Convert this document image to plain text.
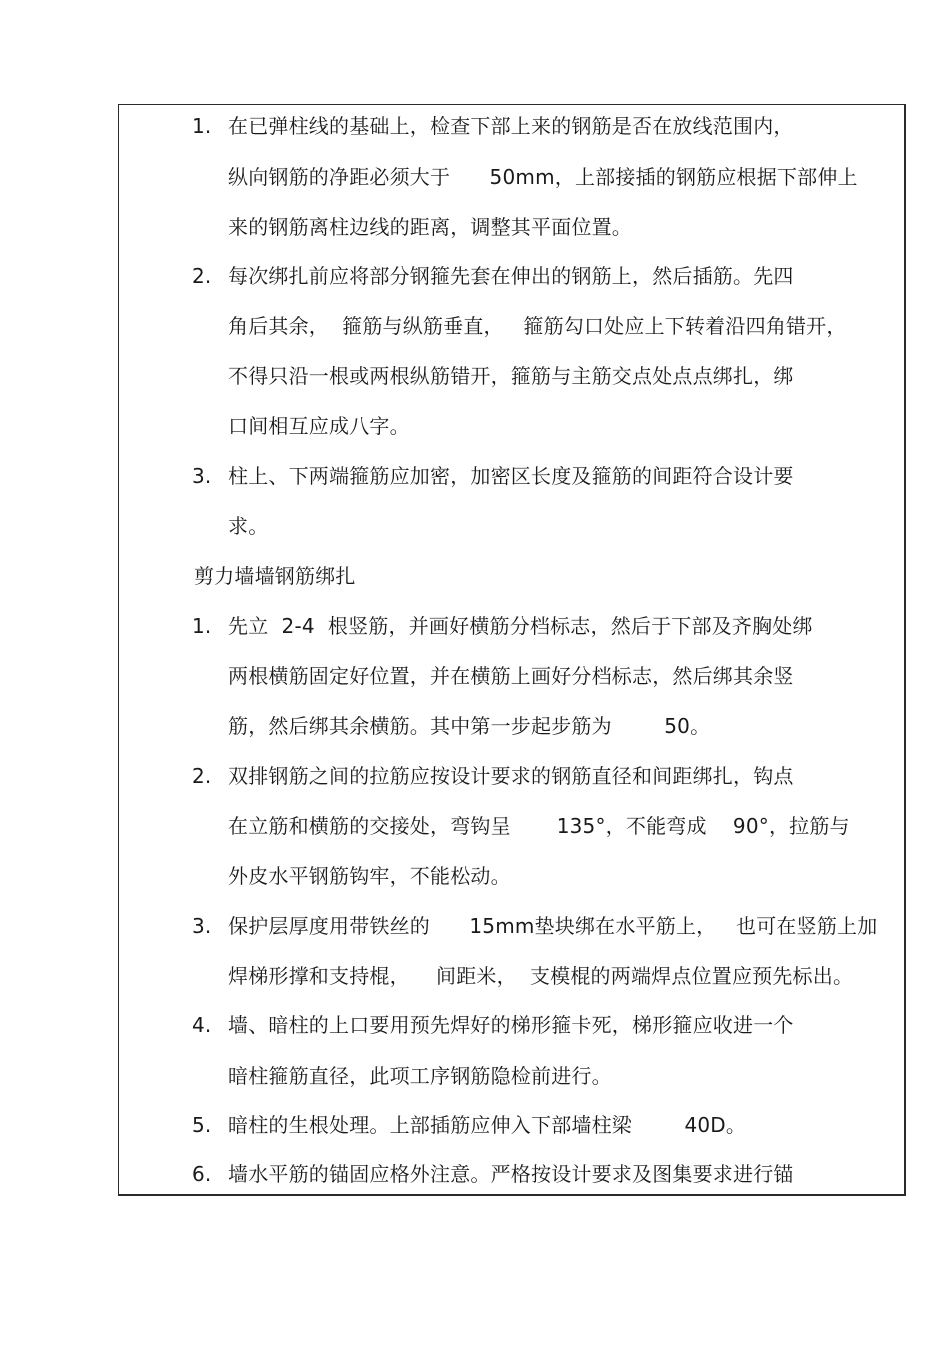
1. 在已弹柱线的基础上，检查下部上来的钢筋是否在放线范围内，
纵向钢筋的净距必须大于      50mm，上部接插的钢筋应根据下部伸上
来的钢筋离柱边线的距离，调整其平面位置。
2. 每次绑扎前应将部分钢箍先套在伸出的钢筋上，然后插筋。先四
角后其余，  箍筋与纵筋垂直，   箍筋勾口处应上下转着沿四角错开，
不得只沿一根或两根纵筋错开，箍筋与主筋交点处点点绑扎，绑
口间相互应成八字。
3. 柱上、下两端箍筋应加密，加密区长度及箍筋的间距符合设计要
求。
剪力墙墙钢筋绑扎
1. 先立  2-4  根竖筋，并画好横筋分档标志，然后于下部及齐胸处绑
两根横筋固定好位置，并在横筋上画好分档标志，然后绑其余竖
筋，然后绑其余横筋。其中第一步起步筋为        50。
2. 双排钢筋之间的拉筋应按设计要求的钢筋直径和间距绑扎，钩点
在立筋和横筋的交接处，弯钩呈       135°，不能弯成    90°，拉筋与
外皮水平钢筋钩牢，不能松动。
3. 保护层厚度用带铁丝的      15mm垫块绑在水平筋上，   也可在竖筋上加
焊梯形撑和支持棍，    间距米，  支模棍的两端焊点位置应预先标出。
4. 墙、暗柱的上口要用预先焊好的梯形箍卡死，梯形箍应收进一个
暗柱箍筋直径，此项工序钢筋隐检前进行。
5. 暗柱的生根处理。上部插筋应伸入下部墙柱梁        40D。
6. 墙水平筋的锚固应格外注意。严格按设计要求及图集要求进行锚
